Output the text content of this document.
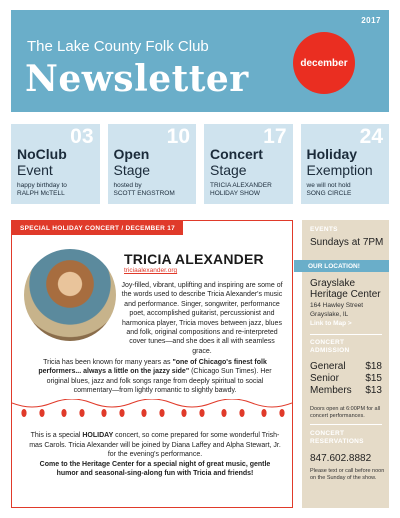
2017
The Lake County Folk Club
Newsletter	december
03
NoClub
Event
happy birthday to
RALPH McTELL
10
Open
Stage
hosted by
SCOTT ENGSTROM
17
Concert
Stage
TRICIA ALEXANDER
HOLIDAY SHOW
24
Holiday
Exemption
we will not hold
SONG CIRCLE
SPECIAL HOLIDAY CONCERT / DECEMBER 17
TRICIA ALEXANDER
triciaalexander.org
Joy-filled, vibrant, uplifting and inspiring are some of the words used to describe Tricia Alexander's music and performance. Singer, songwriter, performance poet, accomplished guitarist, percussionist and harmonica player, Tricia moves between jazz, blues and folk, original compositions and re-interpreted cover tunes—and she does it all with seamless grace.
Tricia has been known for many years as "one of Chicago's finest folk performers... always a little on the jazzy side" (Chicago Sun Times). Her original blues, jazz and folk songs range from deeply spiritual to social commentary—from lightly romantic to slightly bawdy.
This is a special HOLIDAY concert, so come prepared for some wonderful Trish-mas Carols. Tricia Alexander will be joined by Diana Laffey and Alpha Stewart, Jr. for the evening's performance.
Come to the Heritage Center for a special night of great music, gentle humor and seasonal-sing-along fun with Tricia and friends!
EVENTS
Sundays at 7PM
OUR LOCATION!
Grayslake
Heritage Center
164 Hawley Street
Grayslake, IL
Link to Map >
CONCERT
ADMISSION
General $18
Senior	$15
Members $13
Doors open at 6:00PM for all concert performances.
CONCERT
RESERVATIONS
847.602.8882
Please text or call before noon on the Sunday of the show.
